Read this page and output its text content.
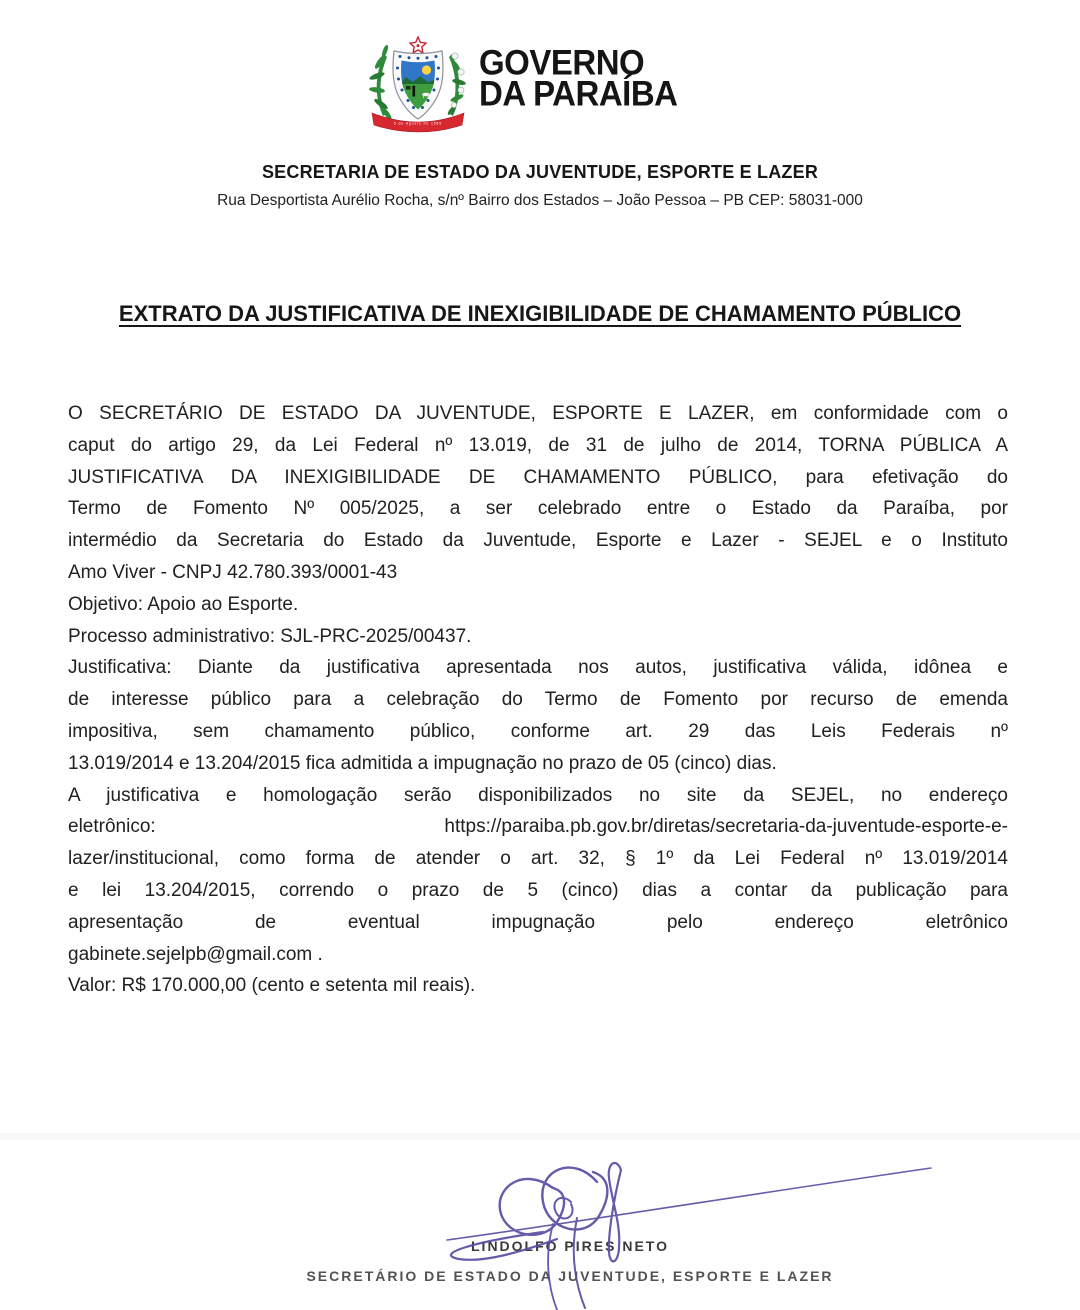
5 de Agosto de 1585
GOVERNO
DA PARAÍBA
SECRETARIA DE ESTADO DA JUVENTUDE, ESPORTE E LAZER
Rua Desportista Aurélio Rocha, s/nº Bairro dos Estados – João Pessoa – PB CEP: 58031-000
EXTRATO DA JUSTIFICATIVA DE INEXIGIBILIDADE DE CHAMAMENTO PÚBLICO
O SECRETÁRIO DE ESTADO DA JUVENTUDE, ESPORTE E LAZER, em conformidade com o
caput do artigo 29, da Lei Federal nº 13.019, de 31 de julho de 2014, TORNA PÚBLICA A
JUSTIFICATIVA DA INEXIGIBILIDADE DE CHAMAMENTO PÚBLICO, para efetivação do
Termo de Fomento Nº 005/2025, a ser celebrado entre o Estado da Paraíba, por
intermédio da Secretaria do Estado da Juventude, Esporte e Lazer - SEJEL e o Instituto
Amo Viver - CNPJ 42.780.393/0001-43
Objetivo: Apoio ao Esporte.
Processo administrativo: SJL-PRC-2025/00437.
Justificativa: Diante da justificativa apresentada nos autos, justificativa válida, idônea e
de interesse público para a celebração do Termo de Fomento por recurso de emenda
impositiva, sem chamamento público, conforme art. 29 das Leis Federais nº
13.019/2014 e 13.204/2015 fica admitida a impugnação no prazo de 05 (cinco) dias.
A justificativa e homologação serão disponibilizados no site da SEJEL, no endereço
eletrônico: https://paraiba.pb.gov.br/diretas/secretaria-da-juventude-esporte-e-
lazer/institucional, como forma de atender o art. 32, § 1º da Lei Federal nº 13.019/2014
e lei 13.204/2015, correndo o prazo de 5 (cinco) dias a contar da publicação para
apresentação de eventual impugnação pelo endereço eletrônico
gabinete.sejelpb@gmail.com .
Valor: R$ 170.000,00 (cento e setenta mil reais).
LINDOLFO PIRES NETO
SECRETÁRIO DE ESTADO DA JUVENTUDE, ESPORTE E LAZER
